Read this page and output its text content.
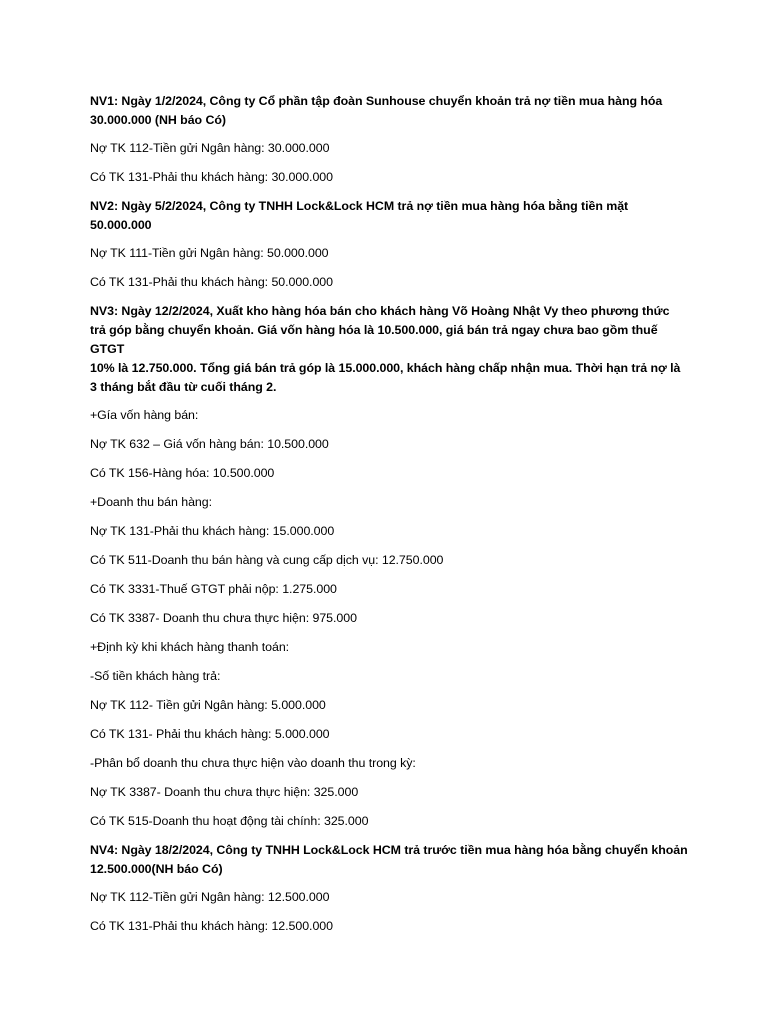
NV1: Ngày 1/2/2024, Công ty Cổ phần tập đoàn Sunhouse chuyển khoản trả nợ tiền mua hàng hóa
30.000.000 (NH báo Có)
Nợ TK 112-Tiền gửi Ngân hàng: 30.000.000
Có TK 131-Phải thu khách hàng: 30.000.000
NV2: Ngày 5/2/2024, Công ty TNHH Lock&Lock HCM trả nợ tiền mua hàng hóa bằng tiền mặt
50.000.000
Nợ TK 111-Tiền gửi Ngân hàng: 50.000.000
Có TK 131-Phải thu khách hàng: 50.000.000
NV3: Ngày 12/2/2024, Xuất kho hàng hóa bán cho khách hàng Võ Hoàng Nhật Vy theo phương thức
trả góp bằng chuyển khoản. Giá vốn hàng hóa là 10.500.000, giá bán trả ngay chưa bao gồm thuế GTGT
10% là 12.750.000. Tổng giá bán trả góp là 15.000.000, khách hàng chấp nhận mua. Thời hạn trả nợ là
3 tháng bắt đầu từ cuối tháng 2.
+Gía vốn hàng bán:
Nợ TK 632 – Giá vốn hàng bán: 10.500.000
Có TK 156-Hàng hóa: 10.500.000
+Doanh thu bán hàng:
Nợ TK 131-Phải thu khách hàng: 15.000.000
Có TK 511-Doanh thu bán hàng và cung cấp dịch vụ: 12.750.000
Có TK 3331-Thuế GTGT phải nộp: 1.275.000
Có TK 3387- Doanh thu chưa thực hiện: 975.000
+Định kỳ khi khách hàng thanh toán:
-Số tiền khách hàng trả:
Nợ TK 112- Tiền gửi Ngân hàng: 5.000.000
Có TK 131- Phải thu khách hàng: 5.000.000
-Phân bổ doanh thu chưa thực hiện vào doanh thu trong kỳ:
Nợ TK 3387- Doanh thu chưa thực hiện: 325.000
Có TK 515-Doanh thu hoạt động tài chính: 325.000
NV4: Ngày 18/2/2024, Công ty TNHH Lock&Lock HCM trả trước tiền mua hàng hóa bằng chuyển khoản
12.500.000(NH báo Có)
Nợ TK 112-Tiền gửi Ngân hàng: 12.500.000
Có TK 131-Phải thu khách hàng: 12.500.000
